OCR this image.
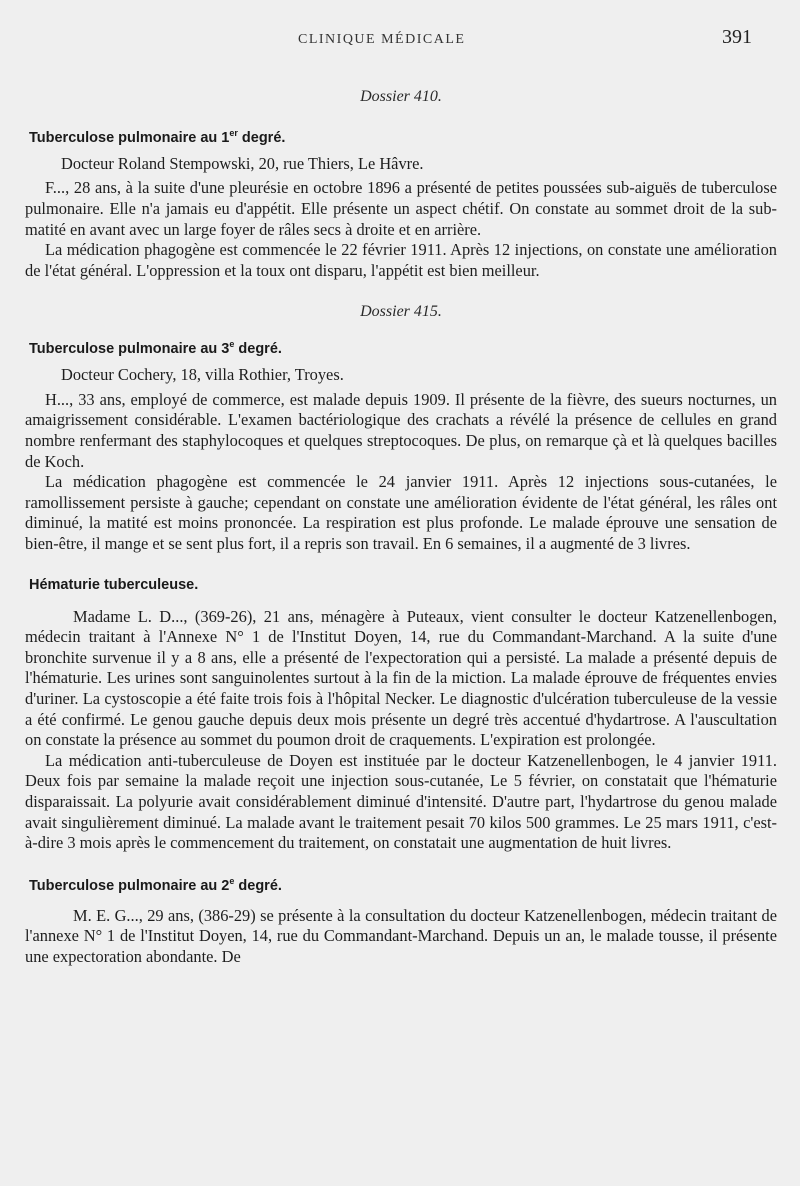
CLINIQUE MÉDICALE	391

Dossier 410.

Tuberculose pulmonaire au 1er degré.

Docteur Roland Stempowski, 20, rue Thiers, Le Hâvre.

F..., 28 ans, à la suite d'une pleurésie en octobre 1896 a présenté de petites poussées sub-aiguës de tuberculose pulmonaire. Elle n'a jamais eu d'appétit. Elle présente un aspect chétif. On constate au sommet droit de la sub-matité en avant avec un large foyer de râles secs à droite et en arrière.

La médication phagogène est commencée le 22 février 1911. Après 12 injections, on constate une amélioration de l'état général. L'oppression et la toux ont disparu, l'appétit est bien meilleur.

Dossier 415.

Tuberculose pulmonaire au 3e degré.

Docteur Cochery, 18, villa Rothier, Troyes.

H..., 33 ans, employé de commerce, est malade depuis 1909. Il présente de la fièvre, des sueurs nocturnes, un amaigrissement considérable. L'examen bactériologique des crachats a révélé la présence de cellules en grand nombre renfermant des staphylocoques et quelques streptocoques. De plus, on remarque çà et là quelques bacilles de Koch.

La médication phagogène est commencée le 24 janvier 1911. Après 12 injections sous-cutanées, le ramollissement persiste à gauche; cependant on constate une amélioration évidente de l'état général, les râles ont diminué, la matité est moins prononcée. La respiration est plus profonde. Le malade éprouve une sensation de bien-être, il mange et se sent plus fort, il a repris son travail. En 6 semaines, il a augmenté de 3 livres.

Hématurie tuberculeuse.

Madame L. D..., (369-26), 21 ans, ménagère à Puteaux, vient consulter le docteur Katzenellenbogen, médecin traitant à l'Annexe N° 1 de l'Institut Doyen, 14, rue du Commandant-Marchand. A la suite d'une bronchite survenue il y a 8 ans, elle a présenté de l'expectoration qui a persisté. La malade a présenté depuis de l'hématurie. Les urines sont sanguinolentes surtout à la fin de la miction. La malade éprouve de fréquentes envies d'uriner. La cystoscopie a été faite trois fois à l'hôpital Necker. Le diagnostic d'ulcération tuberculeuse de la vessie a été confirmé. Le genou gauche depuis deux mois présente un degré très accentué d'hydartrose. A l'auscultation on constate la présence au sommet du poumon droit de craquements. L'expiration est prolongée.

La médication anti-tuberculeuse de Doyen est instituée par le docteur Katzenellenbogen, le 4 janvier 1911. Deux fois par semaine la malade reçoit une injection sous-cutanée, Le 5 février, on constatait que l'hématurie disparaissait. La polyurie avait considérablement diminué d'intensité. D'autre part, l'hydartrose du genou malade avait singulièrement diminué. La malade avant le traitement pesait 70 kilos 500 grammes. Le 25 mars 1911, c'est-à-dire 3 mois après le commencement du traitement, on constatait une augmentation de huit livres.

Tuberculose pulmonaire au 2e degré.

M. E. G..., 29 ans, (386-29) se présente à la consultation du docteur Katzenellenbogen, médecin traitant de l'annexe N° 1 de l'Institut Doyen, 14, rue du Commandant-Marchand. Depuis un an, le malade tousse, il présente une expectoration abondante. De
